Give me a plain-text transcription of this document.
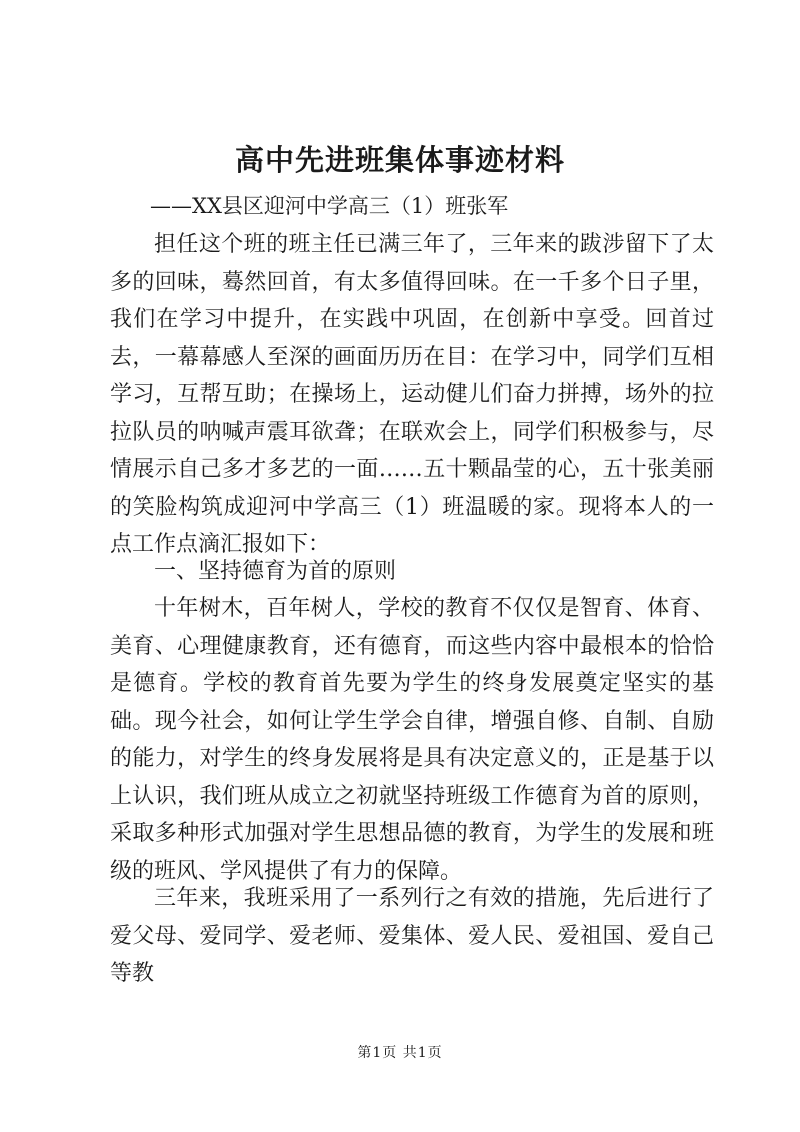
高中先进班集体事迹材料
——XX县区迎河中学高三（1）班张军

担任这个班的班主任已满三年了，三年来的跋涉留下了太多的回味，蓦然回首，有太多值得回味。在一千多个日子里，我们在学习中提升，在实践中巩固，在创新中享受。回首过去，一幕幕感人至深的画面历历在目：在学习中，同学们互相学习，互帮互助；在操场上，运动健儿们奋力拼搏，场外的拉拉队员的呐喊声震耳欲聋；在联欢会上，同学们积极参与，尽情展示自己多才多艺的一面……五十颗晶莹的心，五十张美丽的笑脸构筑成迎河中学高三（1）班温暖的家。现将本人的一点工作点滴汇报如下：

一、坚持德育为首的原则

十年树木，百年树人，学校的教育不仅仅是智育、体育、美育、心理健康教育，还有德育，而这些内容中最根本的恰恰是德育。学校的教育首先要为学生的终身发展奠定坚实的基础。现今社会，如何让学生学会自律，增强自修、自制、自励的能力，对学生的终身发展将是具有决定意义的，正是基于以上认识，我们班从成立之初就坚持班级工作德育为首的原则，采取多种形式加强对学生思想品德的教育，为学生的发展和班级的班风、学风提供了有力的保障。

三年来，我班采用了一系列行之有效的措施，先后进行了爱父母、爱同学、爱老师、爱集体、爱人民、爱祖国、爱自己等教

第1页 共1页
